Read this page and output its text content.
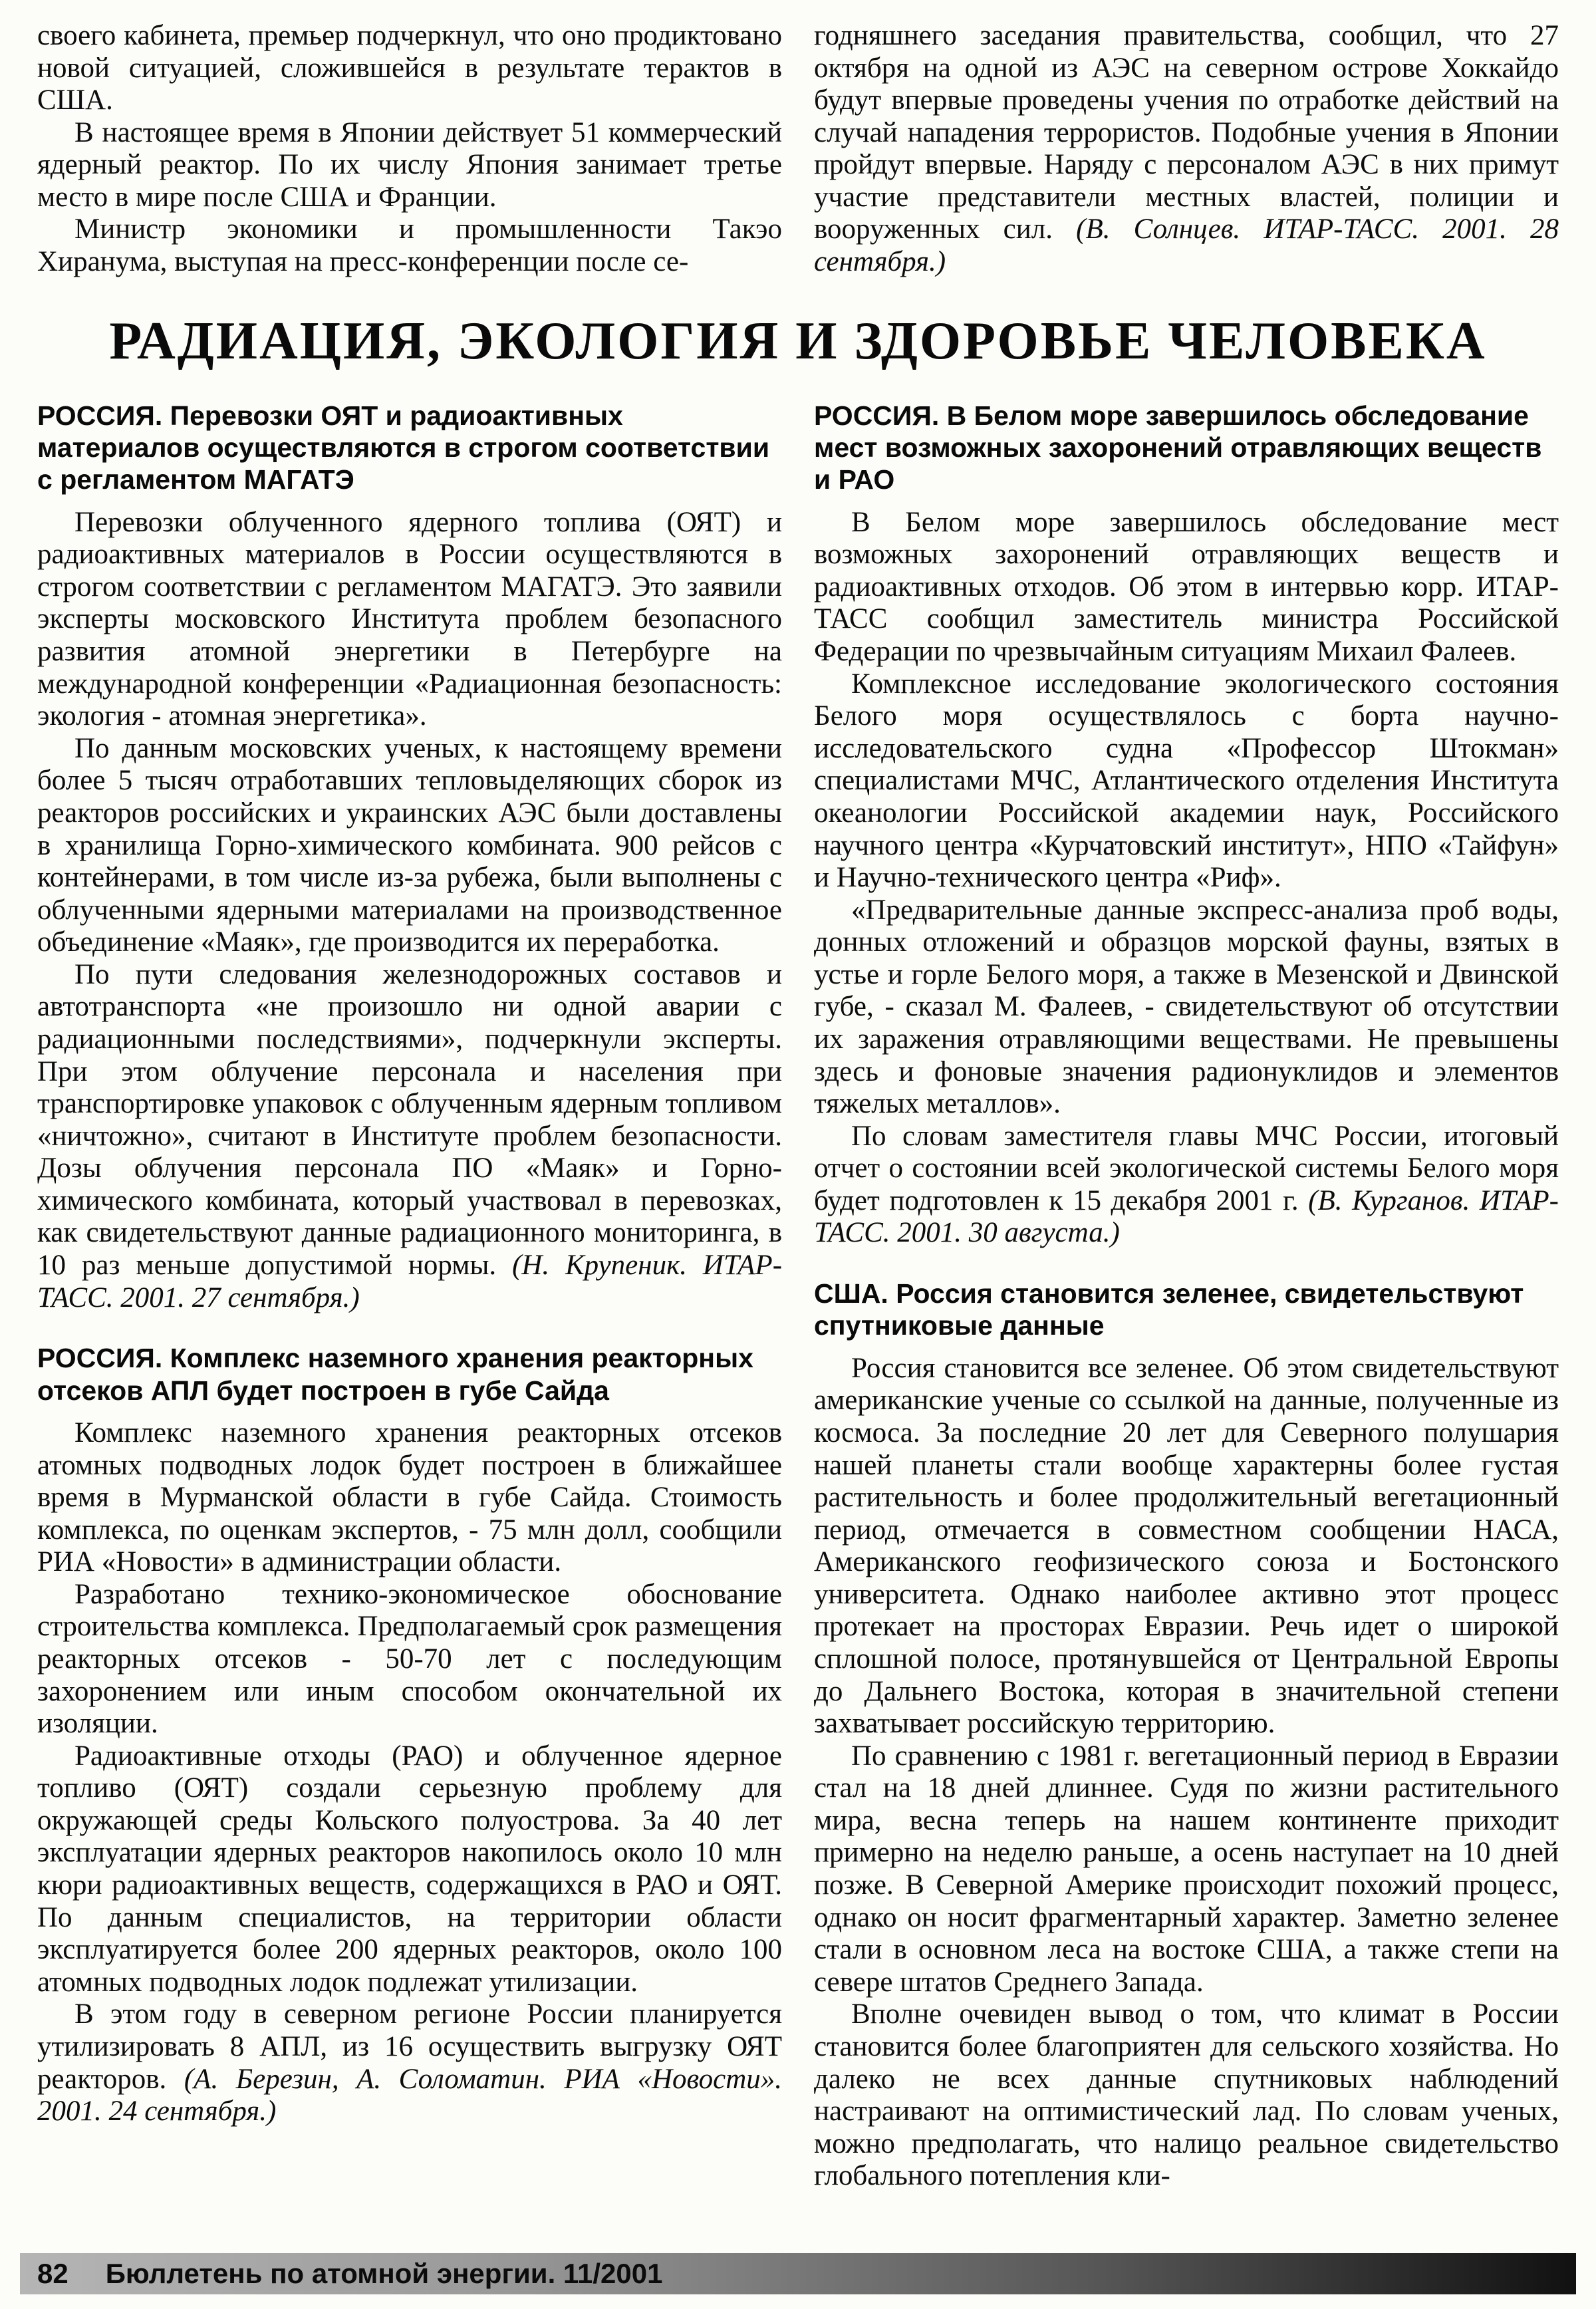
своего кабинета, премьер подчеркнул, что оно продиктовано новой ситуацией, сложившейся в результате терактов в США.

В настоящее время в Японии действует 51 коммерческий ядерный реактор. По их числу Япония занимает третье место в мире после США и Франции.

Министр экономики и промышленности Такэо Хиранума, выступая на пресс-конференции после се-

годняшнего заседания правительства, сообщил, что 27 октября на одной из АЭС на северном острове Хоккайдо будут впервые проведены учения по отработке действий на случай нападения террористов. Подобные учения в Японии пройдут впервые. Наряду с персоналом АЭС в них примут участие представители местных властей, полиции и вооруженных сил. (В. Солнцев. ИТАР-ТАСС. 2001. 28 сентября.)

РАДИАЦИЯ, ЭКОЛОГИЯ И ЗДОРОВЬЕ ЧЕЛОВЕКА
РОССИЯ. Перевозки ОЯТ и радиоактивных материалов осуществляются в строгом соответствии с регламентом МАГАТЭ

Перевозки облученного ядерного топлива (ОЯТ) и радиоактивных материалов в России осуществляются в строгом соответствии с регламентом МАГАТЭ. Это заявили эксперты московского Института проблем безопасного развития атомной энергетики в Петербурге на международной конференции «Радиационная безопасность: экология - атомная энергетика».

По данным московских ученых, к настоящему времени более 5 тысяч отработавших тепловыделяющих сборок из реакторов российских и украинских АЭС были доставлены в хранилища Горно-химического комбината. 900 рейсов с контейнерами, в том числе из-за рубежа, были выполнены с облученными ядерными материалами на производственное объединение «Маяк», где производится их переработка.

По пути следования железнодорожных составов и автотранспорта «не произошло ни одной аварии с радиационными последствиями», подчеркнули эксперты. При этом облучение персонала и населения при транспортировке упаковок с облученным ядерным топливом «ничтожно», считают в Институте проблем безопасности. Дозы облучения персонала ПО «Маяк» и Горно-химического комбината, который участвовал в перевозках, как свидетельствуют данные радиационного мониторинга, в 10 раз меньше допустимой нормы. (Н. Крупеник. ИТАР-ТАСС. 2001. 27 сентября.)

РОССИЯ. Комплекс наземного хранения реакторных отсеков АПЛ будет построен в губе Сайда

Комплекс наземного хранения реакторных отсеков атомных подводных лодок будет построен в ближайшее время в Мурманской области в губе Сайда. Стоимость комплекса, по оценкам экспертов, - 75 млн долл, сообщили РИА «Новости» в администрации области.

Разработано технико-экономическое обоснование строительства комплекса. Предполагаемый срок размещения реакторных отсеков - 50-70 лет с последующим захоронением или иным способом окончательной их изоляции.

Радиоактивные отходы (РАО) и облученное ядерное топливо (ОЯТ) создали серьезную проблему для окружающей среды Кольского полуострова. За 40 лет эксплуатации ядерных реакторов накопилось около 10 млн кюри радиоактивных веществ, содержащихся в РАО и ОЯТ. По данным специалистов, на территории области эксплуатируется более 200 ядерных реакторов, около 100 атомных подводных лодок подлежат утилизации.

В этом году в северном регионе России планируется утилизировать 8 АПЛ, из 16 осуществить выгрузку ОЯТ реакторов. (А. Березин, А. Соломатин. РИА «Новости». 2001. 24 сентября.)

РОССИЯ. В Белом море завершилось обследование мест возможных захоронений отравляющих веществ и РАО

В Белом море завершилось обследование мест возможных захоронений отравляющих веществ и радиоактивных отходов. Об этом в интервью корр. ИТАР-ТАСС сообщил заместитель министра Российской Федерации по чрезвычайным ситуациям Михаил Фалеев.

Комплексное исследование экологического состояния Белого моря осуществлялось с борта научно-исследовательского судна «Профессор Штокман» специалистами МЧС, Атлантического отделения Института океанологии Российской академии наук, Российского научного центра «Курчатовский институт», НПО «Тайфун» и Научно-технического центра «Риф».

«Предварительные данные экспресс-анализа проб воды, донных отложений и образцов морской фауны, взятых в устье и горле Белого моря, а также в Мезенской и Двинской губе, - сказал М. Фалеев, - свидетельствуют об отсутствии их заражения отравляющими веществами. Не превышены здесь и фоновые значения радионуклидов и элементов тяжелых металлов».

По словам заместителя главы МЧС России, итоговый отчет о состоянии всей экологической системы Белого моря будет подготовлен к 15 декабря 2001 г. (В. Курганов. ИТАР-ТАСС. 2001. 30 августа.)

США. Россия становится зеленее, свидетельствуют спутниковые данные

Россия становится все зеленее. Об этом свидетельствуют американские ученые со ссылкой на данные, полученные из космоса. За последние 20 лет для Северного полушария нашей планеты стали вообще характерны более густая растительность и более продолжительный вегетационный период, отмечается в совместном сообщении НАСА, Американского геофизического союза и Бостонского университета. Однако наиболее активно этот процесс протекает на просторах Евразии. Речь идет о широкой сплошной полосе, протянувшейся от Центральной Европы до Дальнего Востока, которая в значительной степени захватывает российскую территорию.

По сравнению с 1981 г. вегетационный период в Евразии стал на 18 дней длиннее. Судя по жизни растительного мира, весна теперь на нашем континенте приходит примерно на неделю раньше, а осень наступает на 10 дней позже. В Северной Америке происходит похожий процесс, однако он носит фрагментарный характер. Заметно зеленее стали в основном леса на востоке США, а также степи на севере штатов Среднего Запада.

Вполне очевиден вывод о том, что климат в России становится более благоприятен для сельского хозяйства. Но далеко не всех данные спутниковых наблюдений настраивают на оптимистический лад. По словам ученых, можно предполагать, что налицо реальное свидетельство глобального потепления кли-

82 Бюллетень по атомной энергии. 11/2001
